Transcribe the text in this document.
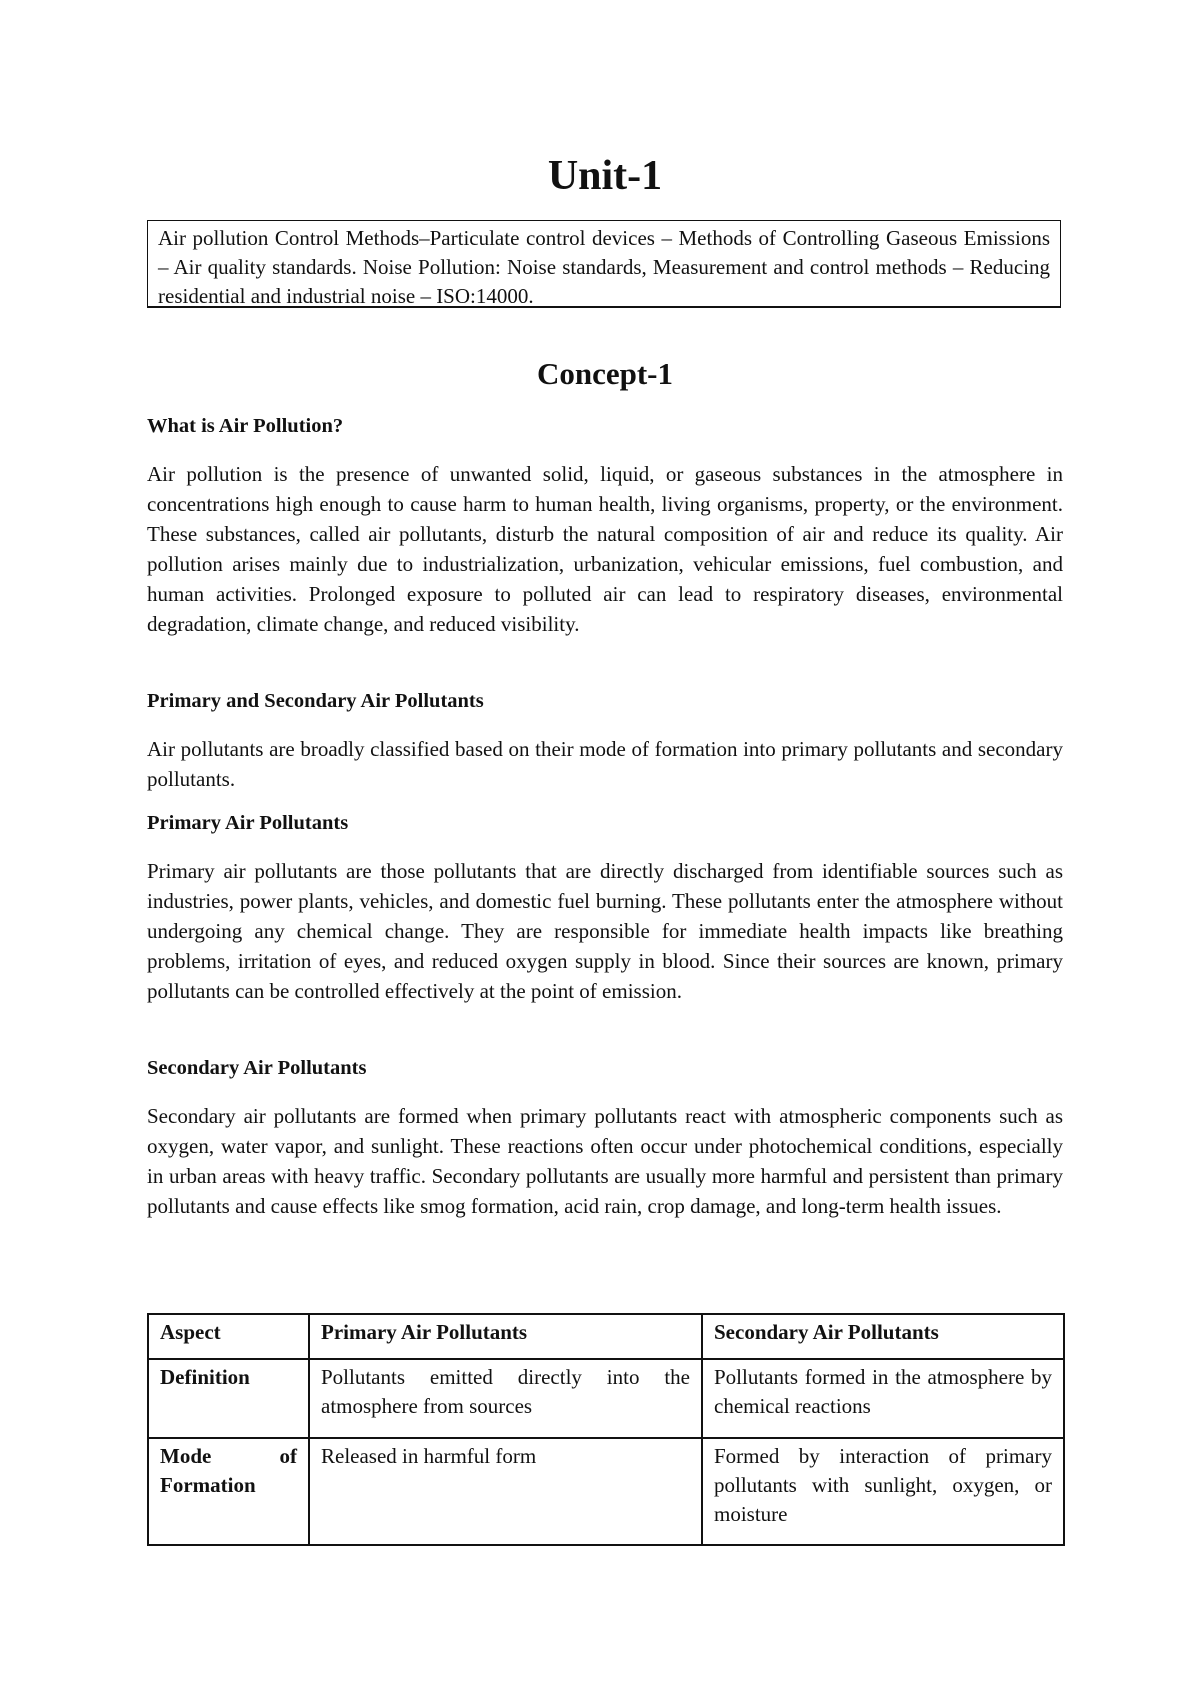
Unit-1
Air pollution Control Methods–Particulate control devices – Methods of Controlling Gaseous Emissions – Air quality standards. Noise Pollution: Noise standards, Measurement and control methods – Reducing residential and industrial noise – ISO:14000.
Concept-1
What is Air Pollution?

Air pollution is the presence of unwanted solid, liquid, or gaseous substances in the atmosphere in concentrations high enough to cause harm to human health, living organisms, property, or the environment. These substances, called air pollutants, disturb the natural composition of air and reduce its quality. Air pollution arises mainly due to industrialization, urbanization, vehicular emissions, fuel combustion, and human activities. Prolonged exposure to polluted air can lead to respiratory diseases, environmental degradation, climate change, and reduced visibility.

Primary and Secondary Air Pollutants

Air pollutants are broadly classified based on their mode of formation into primary pollutants and secondary pollutants.

Primary Air Pollutants

Primary air pollutants are those pollutants that are directly discharged from identifiable sources such as industries, power plants, vehicles, and domestic fuel burning. These pollutants enter the atmosphere without undergoing any chemical change. They are responsible for immediate health impacts like breathing problems, irritation of eyes, and reduced oxygen supply in blood. Since their sources are known, primary pollutants can be controlled effectively at the point of emission.

Secondary Air Pollutants

Secondary air pollutants are formed when primary pollutants react with atmospheric components such as oxygen, water vapor, and sunlight. These reactions often occur under photochemical conditions, especially in urban areas with heavy traffic. Secondary pollutants are usually more harmful and persistent than primary pollutants and cause effects like smog formation, acid rain, crop damage, and long-term health issues.

Aspect	Primary Air Pollutants	Secondary Air Pollutants
Definition	Pollutants emitted directly into the atmosphere from sources	Pollutants formed in the atmosphere by chemical reactions
Mode of Formation	Released in harmful form	Formed by interaction of primary pollutants with sunlight, oxygen, or moisture
